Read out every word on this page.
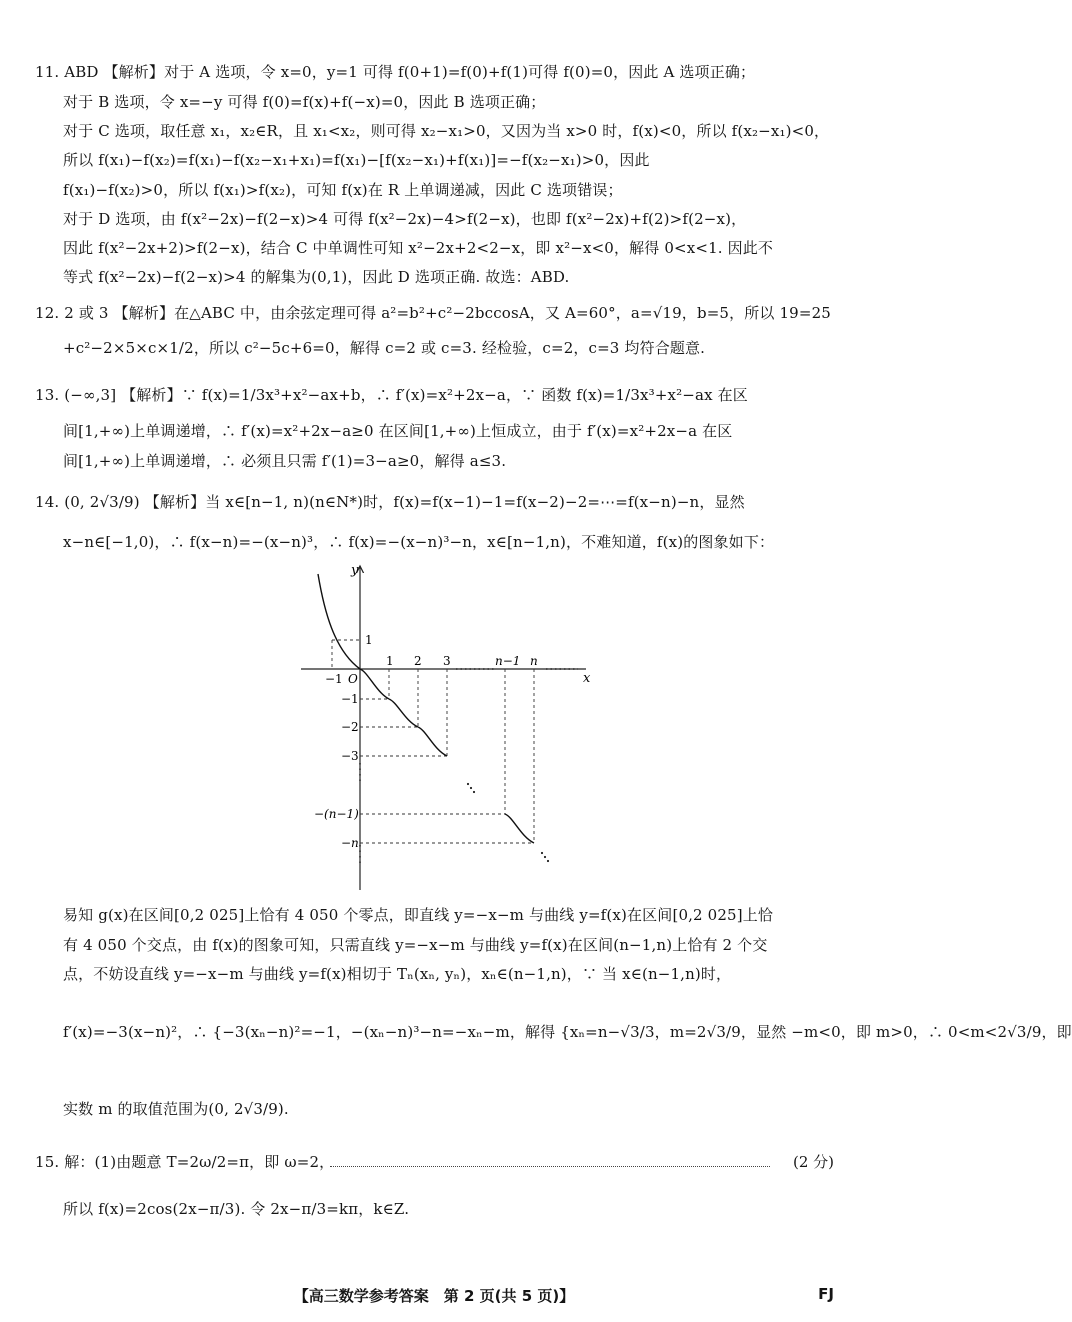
11. ABD 【解析】对于 A 选项，令 x=0，y=1 可得 f(0+1)=f(0)+f(1)可得 f(0)=0，因此 A 选项正确；
对于 B 选项，令 x=−y 可得 f(0)=f(x)+f(−x)=0，因此 B 选项正确；
对于 C 选项，取任意 x₁，x₂∈R，且 x₁<x₂，则可得 x₂−x₁>0，又因为当 x>0 时，f(x)<0，所以 f(x₂−x₁)<0，
所以 f(x₁)−f(x₂)=f(x₁)−f(x₂−x₁+x₁)=f(x₁)−[f(x₂−x₁)+f(x₁)]=−f(x₂−x₁)>0，因此
f(x₁)−f(x₂)>0，所以 f(x₁)>f(x₂)，可知 f(x)在 R 上单调递减，因此 C 选项错误；
对于 D 选项，由 f(x²−2x)−f(2−x)>4 可得 f(x²−2x)−4>f(2−x)，也即 f(x²−2x)+f(2)>f(2−x)，
因此 f(x²−2x+2)>f(2−x)，结合 C 中单调性可知 x²−2x+2<2−x，即 x²−x<0，解得 0<x<1. 因此不
等式 f(x²−2x)−f(2−x)>4 的解集为(0,1)，因此 D 选项正确. 故选：ABD.
12. 2 或 3 【解析】在△ABC 中，由余弦定理可得 a²=b²+c²−2bccosA，又 A=60°，a=√19，b=5，所以 19=25
+c²−2×5×c×1/2，所以 c²−5c+6=0，解得 c=2 或 c=3. 经检验，c=2，c=3 均符合题意.
13. (−∞,3] 【解析】∵ f(x)=1/3x³+x²−ax+b，∴ f′(x)=x²+2x−a，∵ 函数 f(x)=1/3x³+x²−ax 在区
间[1,+∞)上单调递增，∴ f′(x)=x²+2x−a≥0 在区间[1,+∞)上恒成立，由于 f′(x)=x²+2x−a 在区
间[1,+∞)上单调递增，∴ 必须且只需 f′(1)=3−a≥0，解得 a≤3.
14. (0, 2√3/9) 【解析】当 x∈[n−1, n)(n∈N*)时，f(x)=f(x−1)−1=f(x−2)−2=⋯=f(x−n)−n，显然
x−n∈[−1,0)，∴ f(x−n)=−(x−n)³，∴ f(x)=−(x−n)³−n，x∈[n−1,n)，不难知道，f(x)的图象如下：
y
x
O
−1
1 2 3	n−1 n
1
−1
−2
−3
−(n−1)
−n
易知 g(x)在区间[0,2 025]上恰有 4 050 个零点，即直线 y=−x−m 与曲线 y=f(x)在区间[0,2 025]上恰
有 4 050 个交点，由 f(x)的图象可知，只需直线 y=−x−m 与曲线 y=f(x)在区间(n−1,n)上恰有 2 个交
点，不妨设直线 y=−x−m 与曲线 y=f(x)相切于 Tₙ(xₙ, yₙ)，xₙ∈(n−1,n)，∵ 当 x∈(n−1,n)时，
f′(x)=−3(x−n)²，∴ {−3(xₙ−n)²=−1，−(xₙ−n)³−n=−xₙ−m，解得 {xₙ=n−√3/3，m=2√3/9，显然 −m<0，即 m>0，∴ 0<m<2√3/9，即
实数 m 的取值范围为(0, 2√3/9).
15. 解：(1)由题意 T=2ω/2=π，即 ω=2，	(2 分)
所以 f(x)=2cos(2x−π/3). 令 2x−π/3=kπ，k∈Z.
【高三数学参考答案　第 2 页(共 5 页)】	FJ
